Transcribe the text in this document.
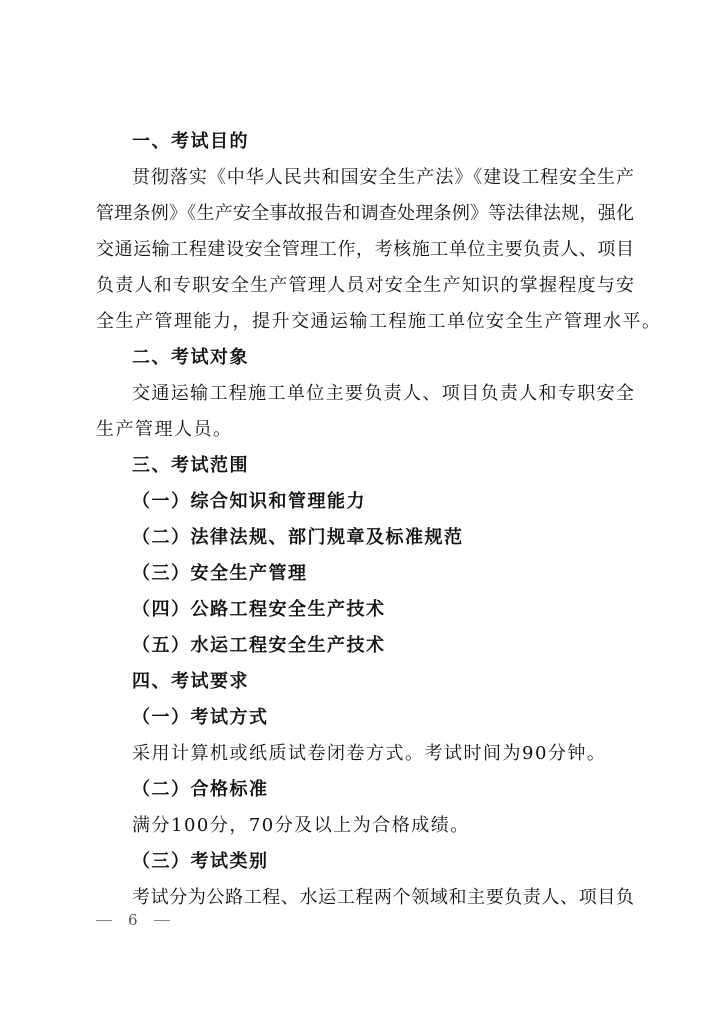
一、考试目的
贯彻落实《中华人民共和国安全生产法》《建设工程安全生产
管理条例》《生产安全事故报告和调查处理条例》等法律法规，强化
交通运输工程建设安全管理工作，考核施工单位主要负责人、项目
负责人和专职安全生产管理人员对安全生产知识的掌握程度与安
全生产管理能力，提升交通运输工程施工单位安全生产管理水平。
二、考试对象
交通运输工程施工单位主要负责人、项目负责人和专职安全
生产管理人员。
三、考试范围
（一）综合知识和管理能力
（二）法律法规、部门规章及标准规范
（三）安全生产管理
（四）公路工程安全生产技术
（五）水运工程安全生产技术
四、考试要求
（一）考试方式
采用计算机或纸质试卷闭卷方式。考试时间为90分钟。
（二）合格标准
满分100分，70分及以上为合格成绩。
（三）考试类别
考试分为公路工程、水运工程两个领域和主要负责人、项目负
6
